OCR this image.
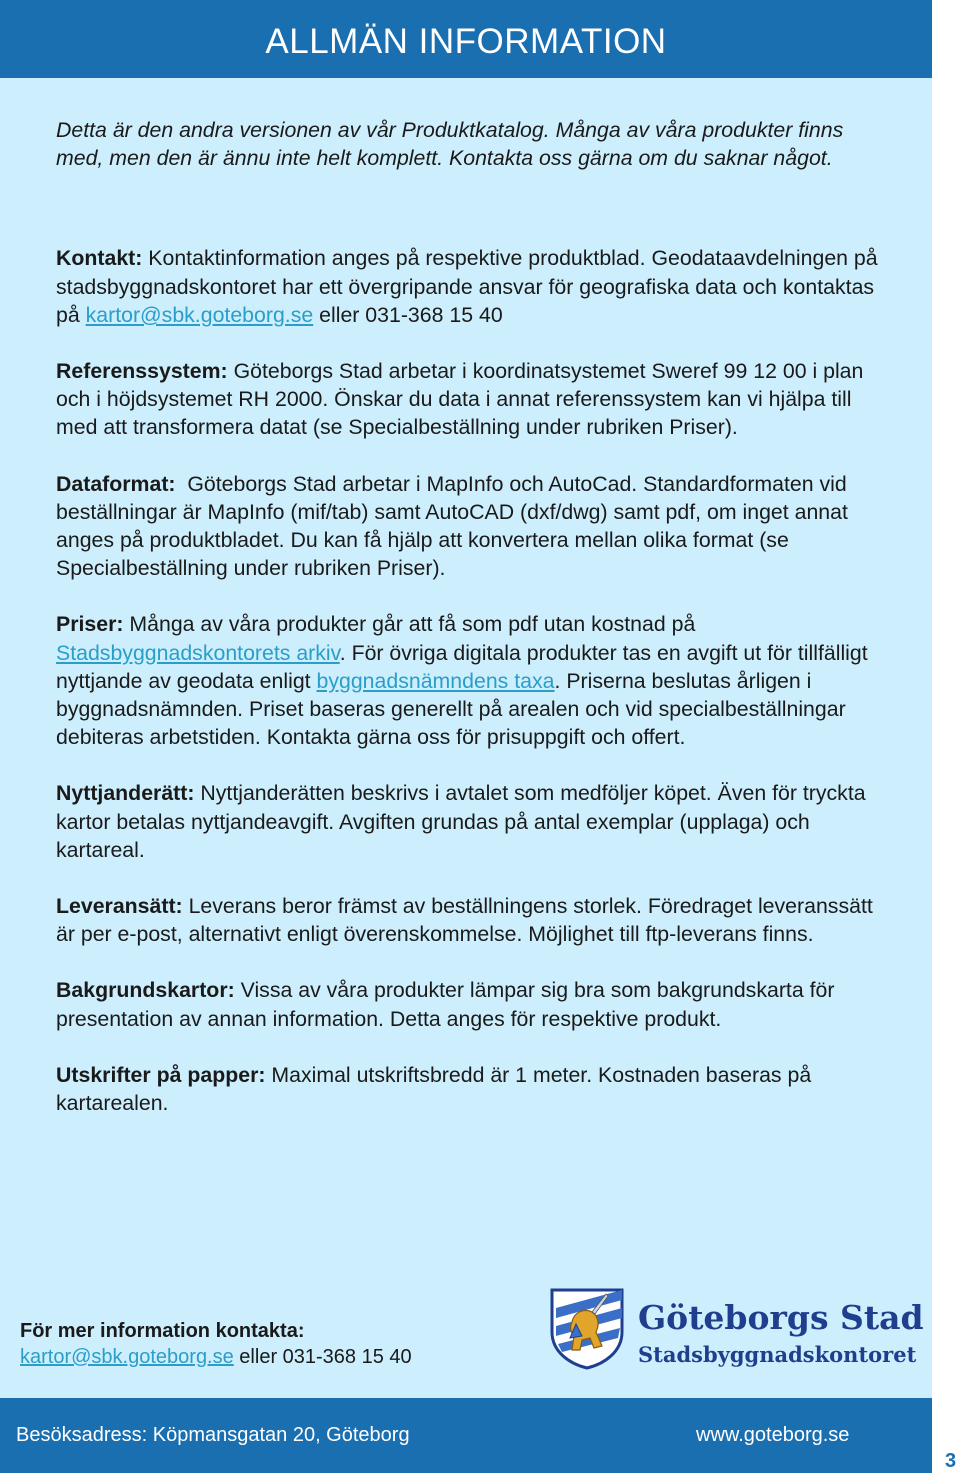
ALLMÄN INFORMATION

Detta är den andra versionen av vår Produktkatalog. Många av våra produkter finns med, men den är ännu inte helt komplett. Kontakta oss gärna om du saknar något.

Kontakt: Kontaktinformation anges på respektive produktblad. Geodataavdelningen på stadsbyggnadskontoret har ett övergripande ansvar för geografiska data och kontaktas på kartor@sbk.goteborg.se eller 031-368 15 40

Referenssystem: Göteborgs Stad arbetar i koordinatsystemet Sweref 99 12 00 i plan och i höjdsystemet RH 2000. Önskar du data i annat referenssystem kan vi hjälpa till med att transformera datat (se Specialbeställning under rubriken Priser).

Dataformat:  Göteborgs Stad arbetar i MapInfo och AutoCad. Standardformaten vid beställningar är MapInfo (mif/tab) samt AutoCAD (dxf/dwg) samt pdf, om inget annat anges på produktbladet. Du kan få hjälp att konvertera mellan olika format (se Specialbeställning under rubriken Priser).

Priser: Många av våra produkter går att få som pdf utan kostnad på Stadsbyggnadskontorets arkiv. För övriga digitala produkter tas en avgift ut för tillfälligt nyttjande av geodata enligt byggnadsnämndens taxa. Priserna beslutas årligen i byggnadsnämnden. Priset baseras generellt på arealen och vid specialbeställningar debiteras arbetstiden. Kontakta gärna oss för prisuppgift och offert.

Nyttjanderätt: Nyttjanderätten beskrivs i avtalet som medföljer köpet. Även för tryckta kartor betalas nyttjandeavgift. Avgiften grundas på antal exemplar (upplaga) och kartareal.

Leveransätt: Leverans beror främst av beställningens storlek. Föredraget leveranssätt är per e-post, alternativt enligt överenskommelse. Möjlighet till ftp-leverans finns.

Bakgrundskartor: Vissa av våra produkter lämpar sig bra som bakgrundskarta för presentation av annan information. Detta anges för respektive produkt.

Utskrifter på papper: Maximal utskriftsbredd är 1 meter. Kostnaden baseras på kartarealen.

För mer information kontakta:
kartor@sbk.goteborg.se eller 031-368 15 40
Göteborgs Stad
Stadsbyggnadskontoret
Besöksadress: Köpmansgatan 20, Göteborg	www.goteborg.se
3
